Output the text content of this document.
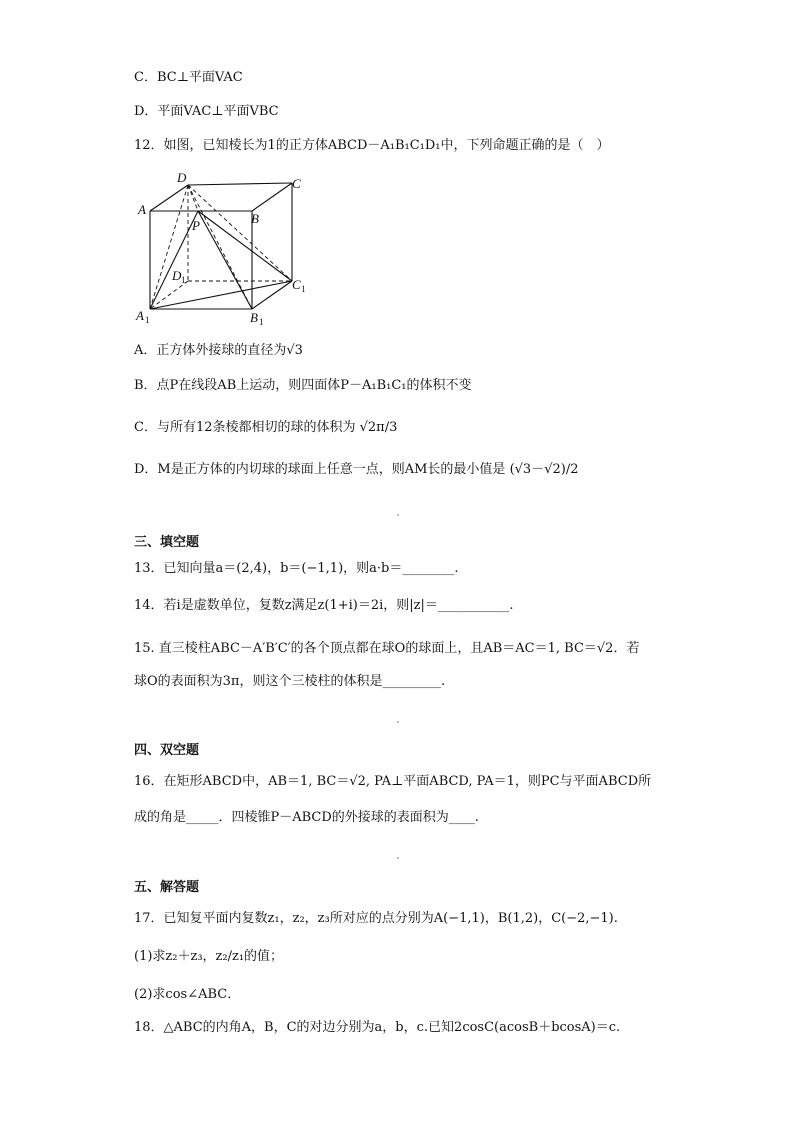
C．BC⊥平面VAC
D．平面VAC⊥平面VBC
12．如图，已知棱长为1的正方体ABCD－A₁B₁C₁D₁中，下列命题正确的是（　）
D	C
A
B
P
D 1	C 1
A 1	B 1
A．正方体外接球的直径为√3
B．点P在线段AB上运动，则四面体P－A₁B₁C₁的体积不变
C．与所有12条棱都相切的球的体积为 √2π/3
D．M是正方体的内切球的球面上任意一点，则AM长的最小值是 (√3－√2)/2
三、填空题
13．已知向量a＝(2,4)，b＝(−1,1)，则a·b＝________.
14．若i是虚数单位，复数z满足z(1+i)＝2i，则|z|＝___________.
15. 直三棱柱ABC－A′B′C′的各个顶点都在球O的球面上，且AB＝AC＝1, BC＝√2．若
球O的表面积为3π，则这个三棱柱的体积是_________.
四、双空题
16．在矩形ABCD中，AB＝1, BC＝√2, PA⊥平面ABCD, PA＝1，则PC与平面ABCD所
成的角是_____．四棱锥P－ABCD的外接球的表面积为____.
五、解答题
17．已知复平面内复数z₁，z₂，z₃所对应的点分别为A(−1,1)，B(1,2)，C(−2,−1).
(1)求z₂＋z₃，z₂/z₁的值；
(2)求cos∠ABC．
18．△ABC的内角A，B，C的对边分别为a，b，c.已知2cosC(acosB＋bcosA)＝c.
